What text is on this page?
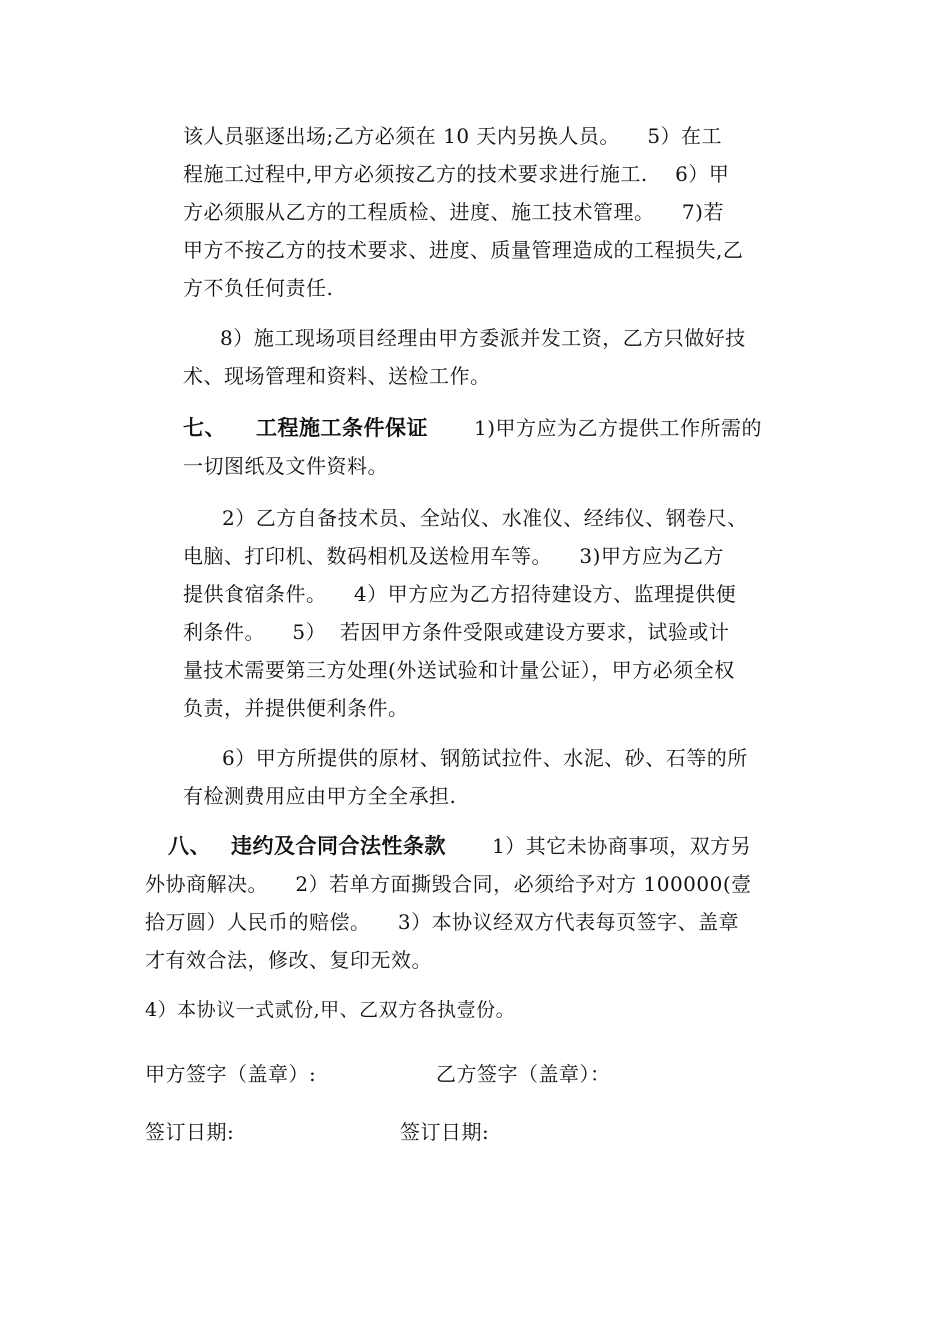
该人员驱逐出场;乙方必须在 10 天内另换人员。    5）在工

程施工过程中,甲方必须按乙方的技术要求进行施工.    6）甲

方必须服从乙方的工程质检、进度、施工技术管理。    7)若

甲方不按乙方的技术要求、进度、质量管理造成的工程损失,乙

方不负任何责任.

8）施工现场项目经理由甲方委派并发工资，乙方只做好技

术、现场管理和资料、送检工作。

七、 工程施工条件保证 1)甲方应为乙方提供工作所需的

一切图纸及文件资料。

2）乙方自备技术员、全站仪、水准仪、经纬仪、钢卷尺、

电脑、打印机、数码相机及送检用车等。    3)甲方应为乙方

提供食宿条件。    4）甲方应为乙方招待建设方、监理提供便

利条件。    5）  若因甲方条件受限或建设方要求，试验或计

量技术需要第三方处理(外送试验和计量公证），甲方必须全权

负责，并提供便利条件。

6）甲方所提供的原材、钢筋试拉件、水泥、砂、石等的所

有检测费用应由甲方全全承担.

八、 违约及合同合法性条款 1）其它未协商事项，双方另

外协商解决。    2）若单方面撕毁合同，必须给予对方 100000(壹

拾万圆）人民币的赔偿。    3）本协议经双方代表每页签字、盖章

才有效合法，修改、复印无效。

4）本协议一式贰份,甲、乙双方各执壹份。

甲方签字（盖章）:	乙方签字（盖章）：

签订日期:	签订日期:
